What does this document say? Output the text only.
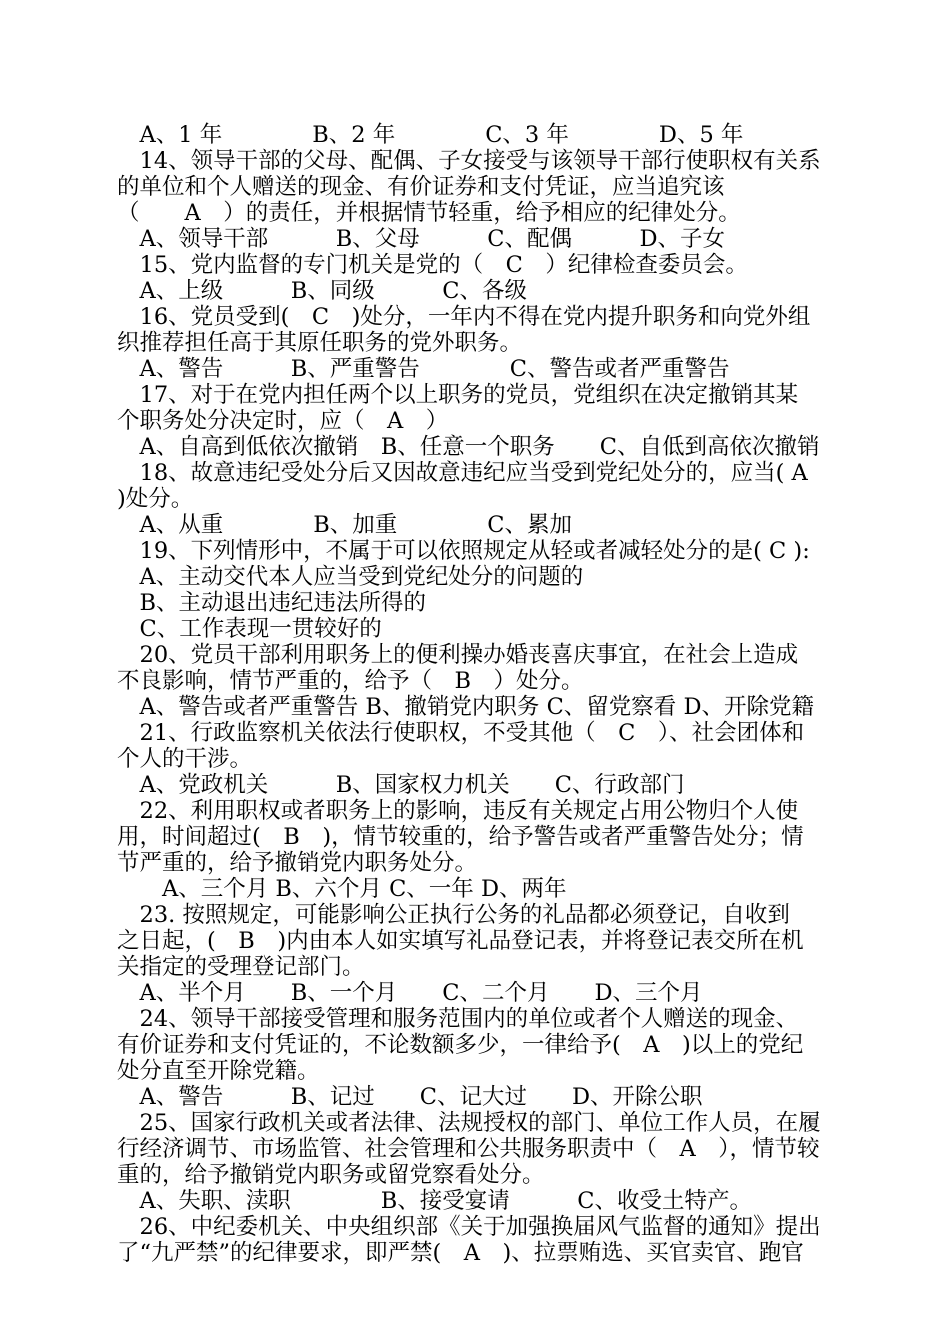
　A、1 年　　　　B、2 年　　　　C、3 年　　　　D、5 年
　14、领导干部的父母、配偶、子女接受与该领导干部行使职权有关系
的单位和个人赠送的现金、有价证券和支付凭证，应当追究该
（　　A　）的责任，并根据情节轻重，给予相应的纪律处分。
　A、领导干部　　　B、父母　　　C、配偶　　　D、子女
　15、党内监督的专门机关是党的（　C　）纪律检查委员会。
　A、上级　　　B、同级　　　C、各级
　16、党员受到(　C　)处分，一年内不得在党内提升职务和向党外组
织推荐担任高于其原任职务的党外职务。
　A、警告　　　B、严重警告　　　　C、警告或者严重警告
　17、对于在党内担任两个以上职务的党员，党组织在决定撤销其某
个职务处分决定时，应（　A　）
　A、自高到低依次撤销　B、任意一个职务　　C、自低到高依次撤销
　18、故意违纪受处分后又因故意违纪应当受到党纪处分的，应当( A
)处分。
　A、从重　　　　B、加重　　　　C、累加
　19、下列情形中，不属于可以依照规定从轻或者减轻处分的是( C ):
　A、主动交代本人应当受到党纪处分的问题的
　B、主动退出违纪违法所得的
　C、工作表现一贯较好的
　20、党员干部利用职务上的便利操办婚丧喜庆事宜，在社会上造成
不良影响，情节严重的，给予（　B　）处分。
　A、警告或者严重警告 B、撤销党内职务 C、留党察看 D、开除党籍
　21、行政监察机关依法行使职权，不受其他（　C　）、社会团体和
个人的干涉。
　A、党政机关　　　B、国家权力机关　　C、行政部门
　22、利用职权或者职务上的影响，违反有关规定占用公物归个人使
用，时间超过(　B　)，情节较重的，给予警告或者严重警告处分；情
节严重的，给予撤销党内职务处分。
　　A、三个月 B、六个月 C、一年 D、两年
　23. 按照规定，可能影响公正执行公务的礼品都必须登记，自收到
之日起，(　B　)内由本人如实填写礼品登记表，并将登记表交所在机
关指定的受理登记部门。
　A、半个月　　B、一个月　　C、二个月　　D、三个月
　24、领导干部接受管理和服务范围内的单位或者个人赠送的现金、
有价证券和支付凭证的，不论数额多少，一律给予(　A　)以上的党纪
处分直至开除党籍。
　A、警告　　　B、记过　　C、记大过　　D、开除公职
　25、国家行政机关或者法律、法规授权的部门、单位工作人员，在履
行经济调节、市场监管、社会管理和公共服务职责中（　A　），情节较
重的，给予撤销党内职务或留党察看处分。
　A、失职、渎职　　　　B、接受宴请　　　C、收受土特产。
　26、中纪委机关、中央组织部《关于加强换届风气监督的通知》提出
了“九严禁”的纪律要求，即严禁(　A　)、拉票贿选、买官卖官、跑官
